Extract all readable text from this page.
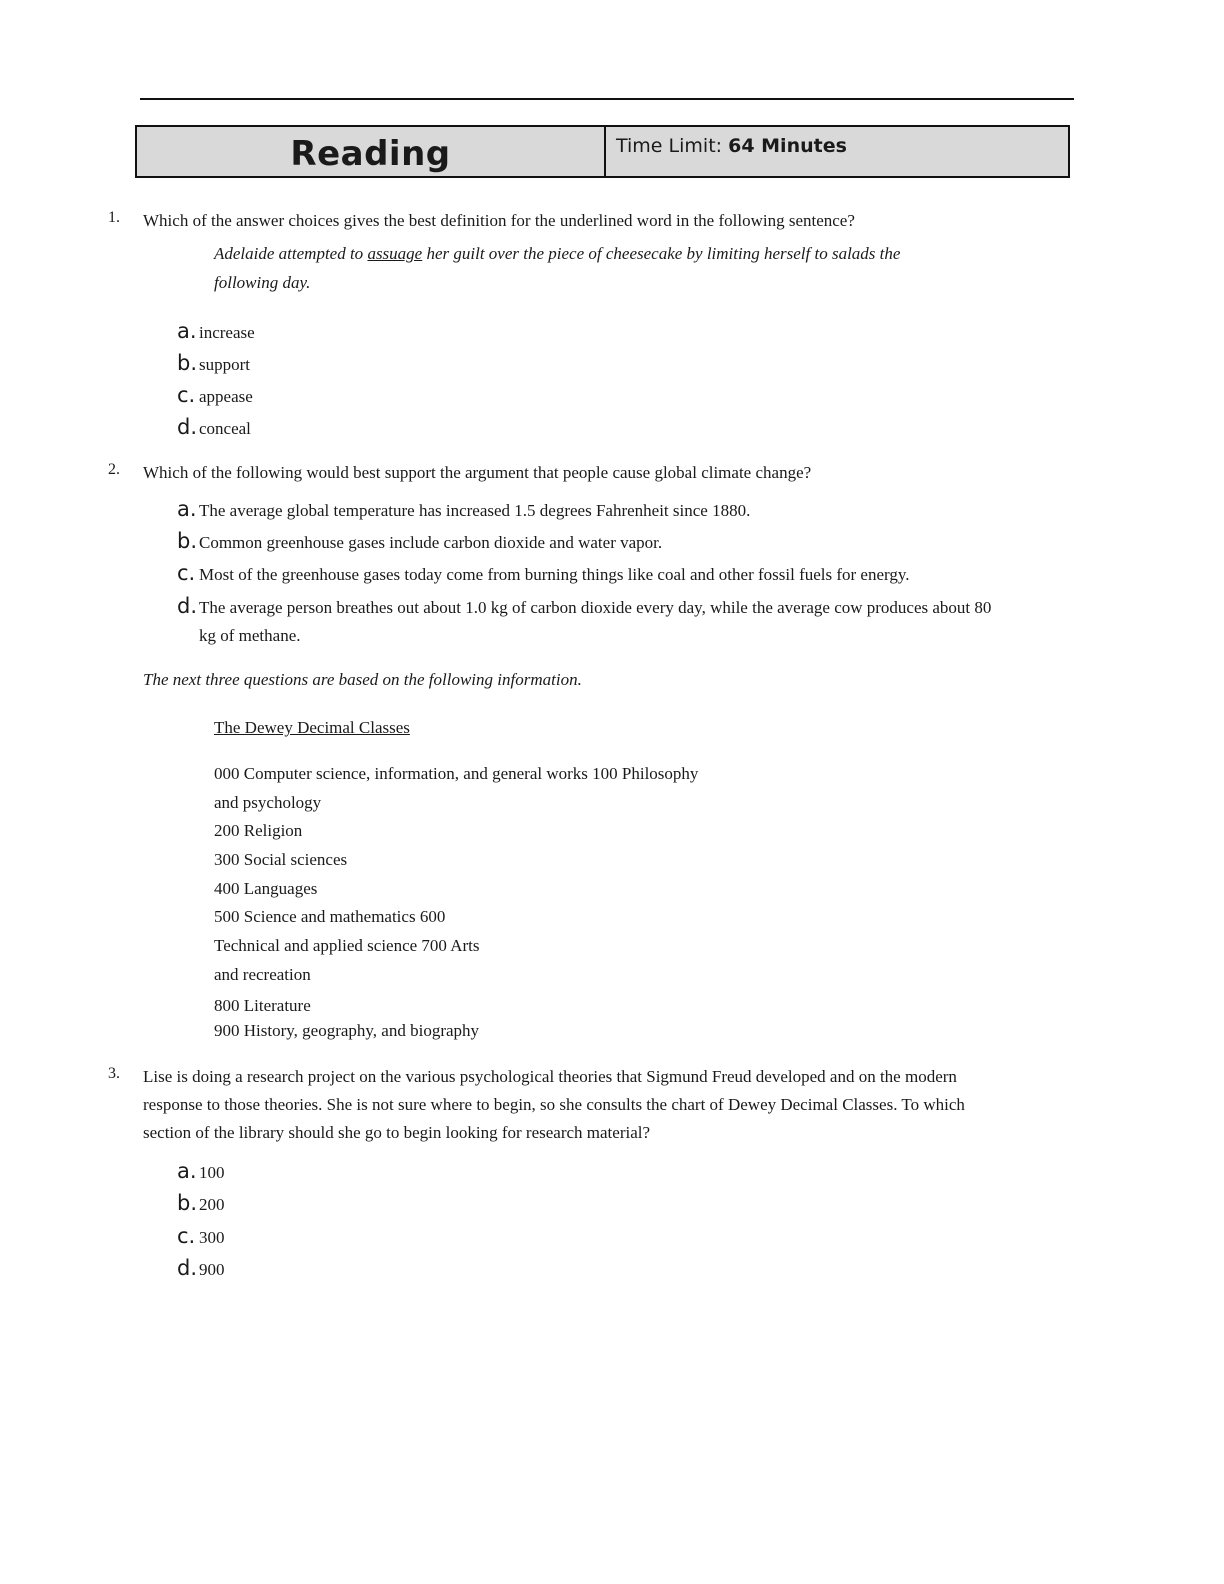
Reading	Time Limit: 64 Minutes
1. Which of the answer choices gives the best definition for the underlined word in the following sentence?
Adelaide attempted to assuage her guilt over the piece of cheesecake by limiting herself to salads the
following day.
a. increase
b. support
c. appease
d. conceal
2. Which of the following would best support the argument that people cause global climate change?
a. The average global temperature has increased 1.5 degrees Fahrenheit since 1880.
b. Common greenhouse gases include carbon dioxide and water vapor.
c. Most of the greenhouse gases today come from burning things like coal and other fossil fuels for energy.
d. The average person breathes out about 1.0 kg of carbon dioxide every day, while the average cow produces about 80
kg of methane.
The next three questions are based on the following information.
The Dewey Decimal Classes
000 Computer science, information, and general works 100 Philosophy
and psychology
200 Religion
300 Social sciences
400 Languages
500 Science and mathematics 600
Technical and applied science 700 Arts
and recreation
800 Literature
900 History, geography, and biography
3. Lise is doing a research project on the various psychological theories that Sigmund Freud developed and on the modern
response to those theories. She is not sure where to begin, so she consults the chart of Dewey Decimal Classes. To which
section of the library should she go to begin looking for research material?
a. 100
b. 200
c. 300
d. 900
